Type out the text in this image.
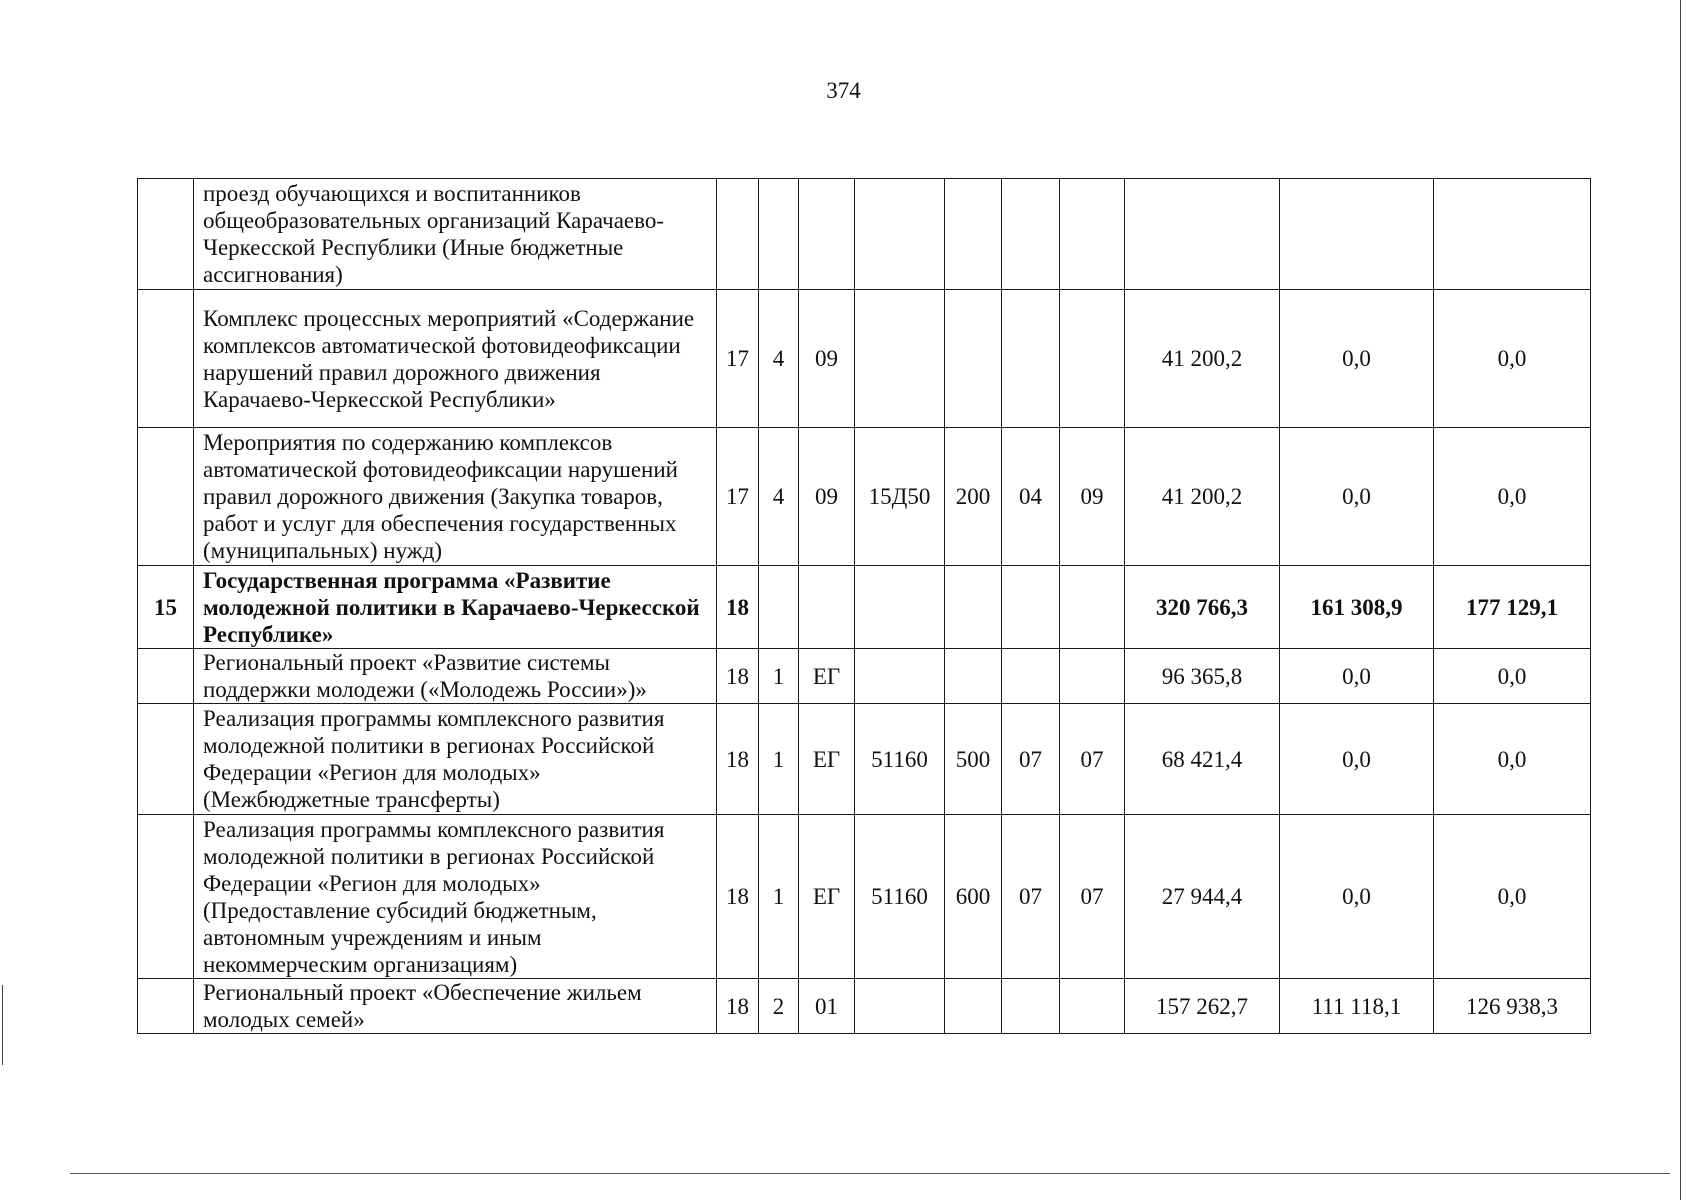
374
	проезд обучающихся и воспитанников общеобразовательных организаций Карачаево-Черкесской Республики (Иные бюджетные ассигнования)										
	Комплекс процессных мероприятий «Содержание комплексов автоматической фотовидеофиксации нарушений правил дорожного движения Карачаево-Черкесской Республики»	17	4	09					41 200,2	0,0	0,0
	Мероприятия по содержанию комплексов автоматической фотовидеофиксации нарушений правил дорожного движения (Закупка товаров, работ и услуг для обеспечения государственных (муниципальных) нужд)	17	4	09	15Д50	200	04	09	41 200,2	0,0	0,0
15	Государственная программа «Развитие молодежной политики в Карачаево-Черкесской Республике»	18							320 766,3	161 308,9	177 129,1
	Региональный проект «Развитие системы поддержки молодежи («Молодежь России»)»	18	1	ЕГ					96 365,8	0,0	0,0
	Реализация программы комплексного развития молодежной политики в регионах Российской Федерации «Регион для молодых» (Межбюджетные трансферты)	18	1	ЕГ	51160	500	07	07	68 421,4	0,0	0,0
	Реализация программы комплексного развития молодежной политики в регионах Российской Федерации «Регион для молодых» (Предоставление субсидий бюджетным, автономным учреждениям и иным некоммерческим организациям)	18	1	ЕГ	51160	600	07	07	27 944,4	0,0	0,0
	Региональный проект «Обеспечение жильем молодых семей»	18	2	01					157 262,7	111 118,1	126 938,3
